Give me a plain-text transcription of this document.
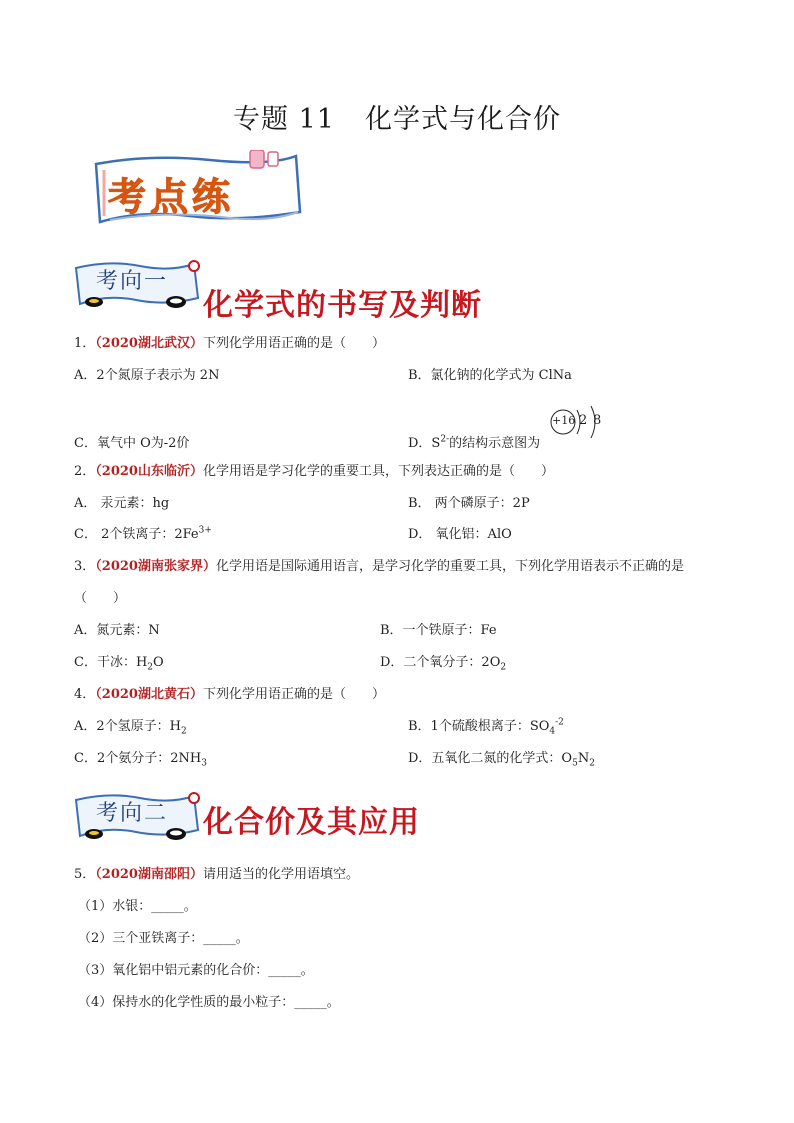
专题 11 化学式与化合价
考点练
考向一
化学式的书写及判断
1．（2020湖北武汉）下列化学用语正确的是（　　）
A．2个氮原子表示为 2N	B．氯化钠的化学式为 ClNa
C．氧气中 O为-2价	D．$S^{2-}$的结构示意图为
+16 2 8
2．（2020山东临沂）化学用语是学习化学的重要工具，下列表达正确的是（　　）
A． 汞元素：hg	B． 两个磷原子：2P
C． 2个铁离子：$2Fe^{3+}$	D． 氧化铝：AlO
3．（2020湖南张家界）化学用语是国际通用语言，是学习化学的重要工具，下列化学用语表示不正确的是
（　　）
A．氮元素：N	B．一个铁原子：Fe
C．干冰：$H_2O$	D．二个氧分子：$2O_2$
4．（2020湖北黄石）下列化学用语正确的是（　　）
A．2个氢原子：$H_2$	B．1个硫酸根离子：$SO_4^{-2}$
C．2个氨分子：$2NH_3$	D．五氧化二氮的化学式：$O_5N_2$
考向二 化合价及其应用
5．（2020湖南邵阳）请用适当的化学用语填空。
（1）水银：_____。
（2）三个亚铁离子：_____。
（3）氧化铝中铝元素的化合价：_____。
（4）保持水的化学性质的最小粒子：_____。
